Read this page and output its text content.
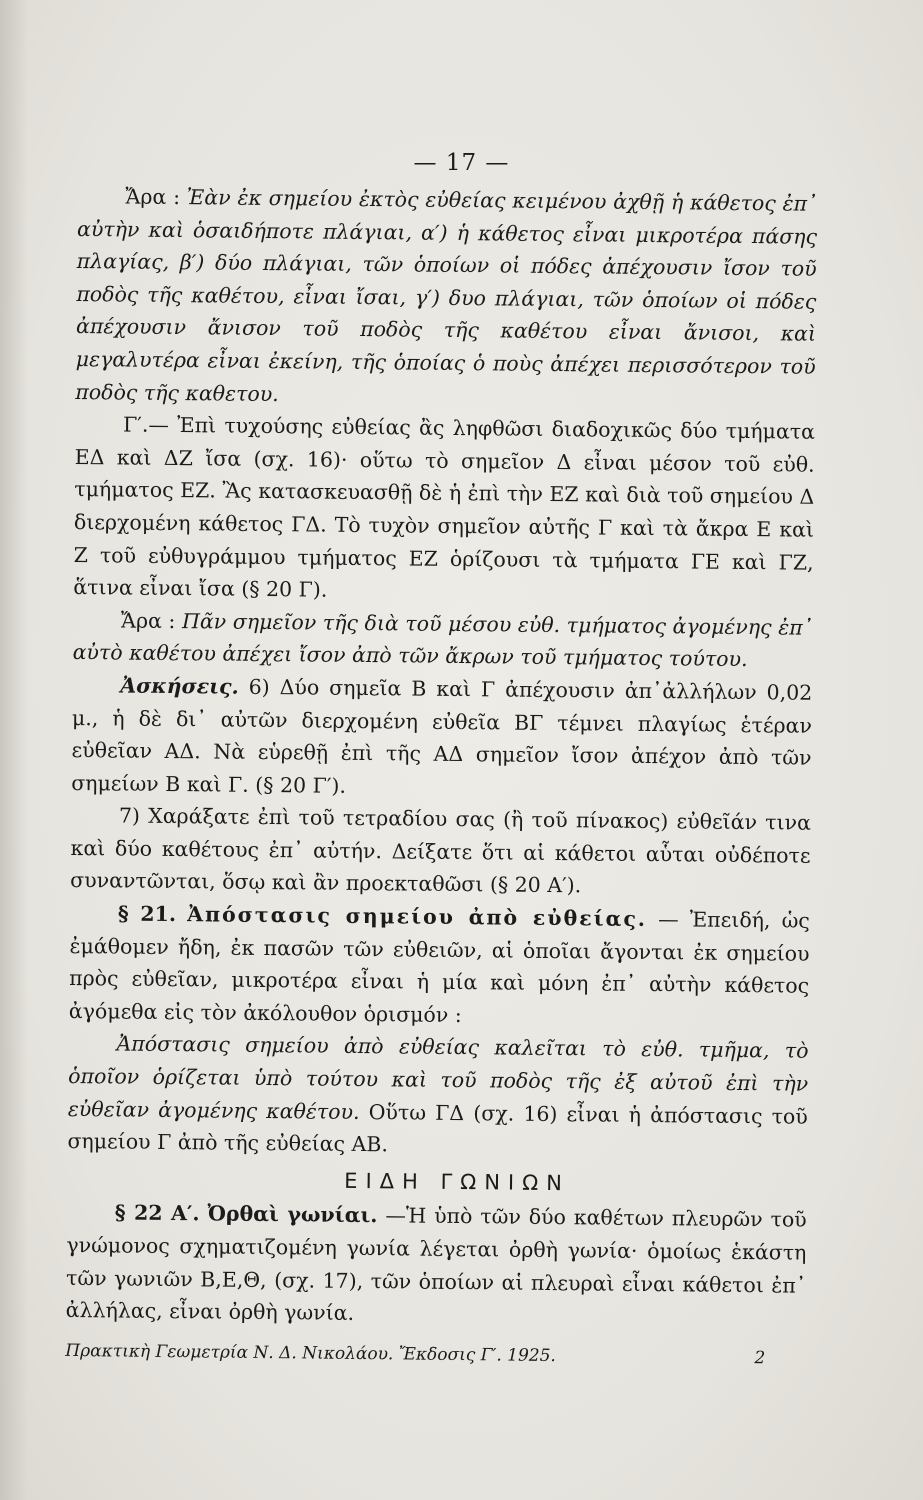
— 17 —

Ἄρα : Ἐὰν ἐκ σημείου ἐκτὸς εὐθείας κειμένου ἀχθῇ ἡ κάθετος ἐπ᾽ αὐτὴν καὶ ὁσαιδήποτε πλάγιαι, α′) ἡ κάθετος εἶναι μικροτέρα πάσης πλαγίας, β′) δύο πλάγιαι, τῶν ὁποίων οἱ πόδες ἀπέχουσιν ἴσον τοῦ ποδὸς τῆς καθέτου, εἶναι ἴσαι, γ′) δυο πλάγιαι, τῶν ὁποίων οἱ πόδες ἀπέχουσιν ἄνισον τοῦ ποδὸς τῆς καθέτου εἶναι ἄνισοι, καὶ μεγαλυτέρα εἶναι ἐκείνη, τῆς ὁποίας ὁ ποὺς ἀπέχει περισσότερον τοῦ ποδὸς τῆς καθετου.

Γ′.— Ἐπὶ τυχούσης εὐθείας ἂς ληφθῶσι διαδοχικῶς δύο τμήματα ΕΔ καὶ ΔΖ ἴσα (σχ. 16)· οὕτω τὸ σημεῖον Δ εἶναι μέσον τοῦ εὐθ. τμήματος ΕΖ. Ἂς κατασκευασθῇ δὲ ἡ ἐπὶ τὴν ΕΖ καὶ διὰ τοῦ σημείου Δ διερχομένη κάθετος ΓΔ. Τὸ τυχὸν σημεῖον αὐτῆς Γ καὶ τὰ ἄκρα Ε καὶ Ζ τοῦ εὐθυγράμμου τμήματος ΕΖ ὁρίζουσι τὰ τμήματα ΓΕ καὶ ΓΖ, ἅτινα εἶναι ἴσα (§ 20 Γ).

Ἄρα : Πᾶν σημεῖον τῆς διὰ τοῦ μέσου εὐθ. τμήματος ἀγομένης ἐπ᾽ αὐτὸ καθέτου ἀπέχει ἴσον ἀπὸ τῶν ἄκρων τοῦ τμήματος τούτου.

Ἀσκήσεις. 6) Δύο σημεῖα Β καὶ Γ ἀπέχουσιν ἀπ᾽ἀλλήλων 0,02 μ., ἡ δὲ δι᾽ αὐτῶν διερχομένη εὐθεῖα ΒΓ τέμνει πλαγίως ἑτέραν εὐθεῖαν ΑΔ. Νὰ εὑρεθῇ ἐπὶ τῆς ΑΔ σημεῖον ἴσον ἀπέχον ἀπὸ τῶν σημείων Β καὶ Γ. (§ 20 Γ′).

7) Χαράξατε ἐπὶ τοῦ τετραδίου σας (ἢ τοῦ πίνακος) εὐθεῖάν τινα καὶ δύο καθέτους ἐπ᾽ αὐτήν. Δείξατε ὅτι αἱ κάθετοι αὗται οὐδέποτε συναντῶνται, ὅσῳ καὶ ἂν προεκταθῶσι (§ 20 Α′).

§ 21. Ἀπόστασις σημείου ἀπὸ εὐθείας. — Ἐπειδή, ὡς ἐμάθομεν ἤδη, ἐκ πασῶν τῶν εὐθειῶν, αἱ ὁποῖαι ἄγονται ἐκ σημείου πρὸς εὐθεῖαν, μικροτέρα εἶναι ἡ μία καὶ μόνη ἐπ᾽ αὐτὴν κάθετος ἀγόμεθα εἰς τὸν ἀκόλουθον ὁρισμόν :

Ἀπόστασις σημείου ἀπὸ εὐθείας καλεῖται τὸ εὐθ. τμῆμα, τὸ ὁποῖον ὁρίζεται ὑπὸ τούτου καὶ τοῦ ποδὸς τῆς ἐξ αὐτοῦ ἐπὶ τὴν εὐθεῖαν ἀγομένης καθέτου. Οὕτω ΓΔ (σχ. 16) εἶναι ἡ ἀπόστασις τοῦ σημείου Γ ἀπὸ τῆς εὐθείας ΑΒ.

ΕΙΔΗ ΓΩΝΙΩΝ

§ 22 Α′. Ὀρθαὶ γωνίαι. —Ἡ ὑπὸ τῶν δύο καθέτων πλευρῶν τοῦ γνώμονος σχηματιζομένη γωνία λέγεται ὀρθὴ γωνία· ὁμοίως ἑκάστη τῶν γωνιῶν Β,Ε,Θ, (σχ. 17), τῶν ὁποίων αἱ πλευραὶ εἶναι κάθετοι ἐπ᾽ ἀλλήλας, εἶναι ὀρθὴ γωνία.

Πρακτικὴ Γεωμετρία Ν. Δ. Νικολάου. Ἔκδοσις Γ′. 1925.	2
